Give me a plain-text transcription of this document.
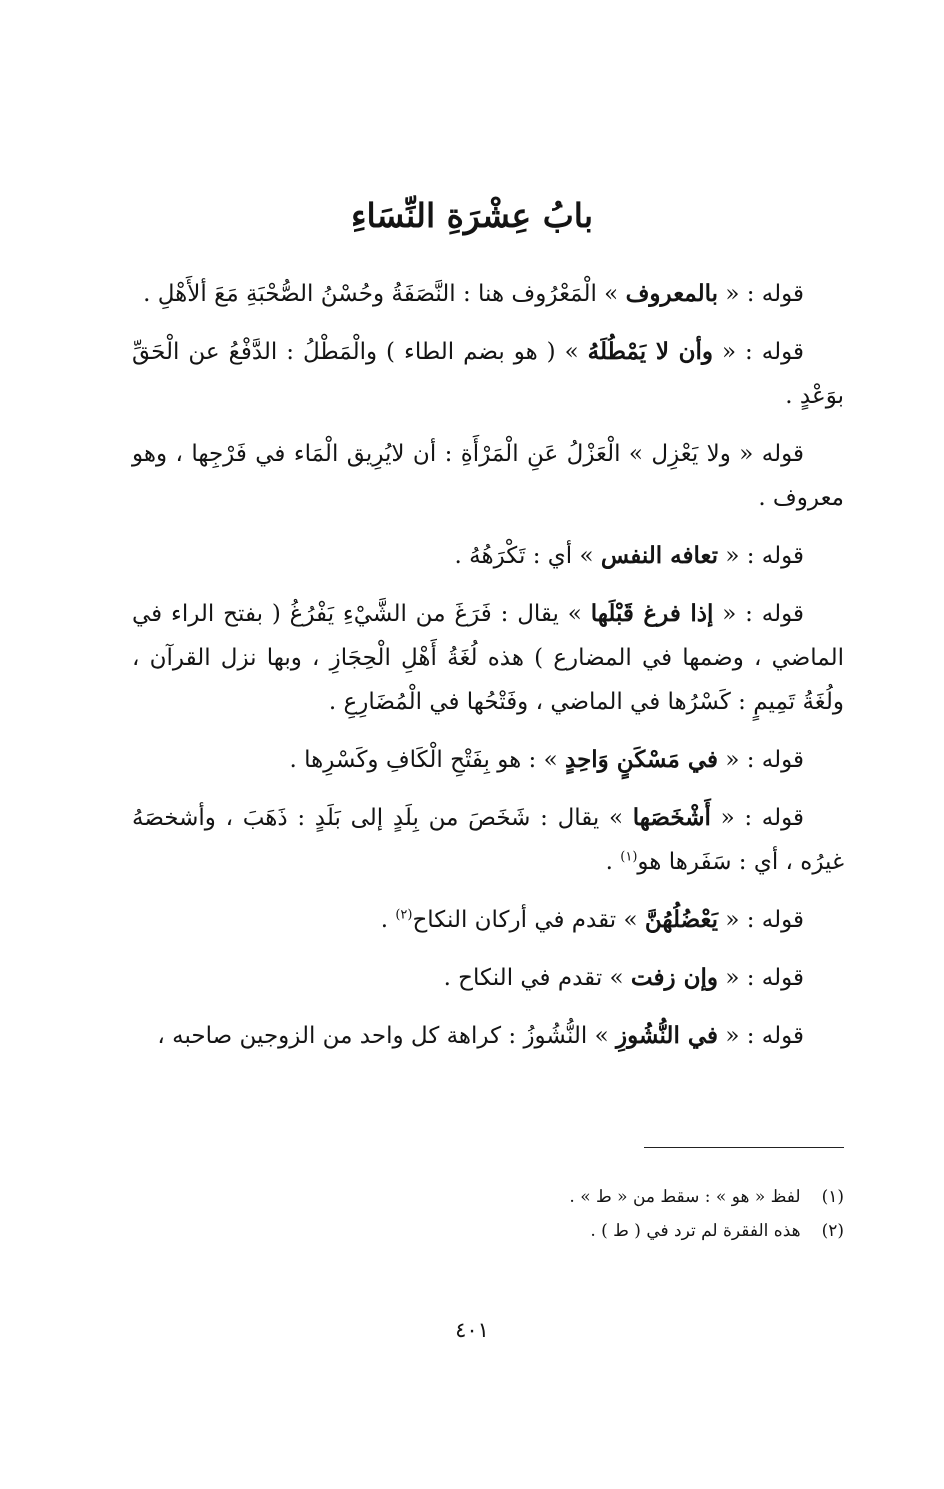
بابُ عِشْرَةِ النِّسَاءِ

قوله : « بالمعروف » الْمَعْرُوف هنا : النَّصَفَةُ وحُسْنُ الصُّحْبَةِ مَعَ ألأَهْلِ .

قوله : « وأن لا يَمْطُلَهُ » ( هو بضم الطاء ) والْمَطْلُ : الدَّفْعُ عن الْحَقِّ بوَعْدٍ .

قوله « ولا يَعْزِل » الْعَزْلُ عَنِ الْمَرْأَةِ : أن لايُرِيق الْمَاء في فَرْجِها ، وهو معروف .

قوله : « تعافه النفس » أي : تَكْرَهُهُ .

قوله : « إذا فرغ قَبْلَها » يقال : فَرَغَ من الشَّيْءِ يَفْرُغُ ( بفتح الراء في الماضي ، وضمها في المضارع ) هذه لُغَةُ أَهْلِ الْحِجَازِ ، وبها نزل القرآن ، ولُغَةُ تَمِيمٍ : كَسْرُها في الماضي ، وفَتْحُها في الْمُضَارِعِ .

قوله : « في مَسْكَنٍ وَاحِدٍ » : هو بِفَتْحِ الْكَافِ وكَسْرِها .

قوله : « أَشْخَصَها » يقال : شَخَصَ من بِلَدٍ إلى بَلَدٍ : ذَهَبَ ، وأشخصَهُ غيرُه ، أي : سَفَرها هو$^{(١)}$ .

قوله : « يَعْضُلُهُنَّ » تقدم في أركان النكاح$^{(٢)}$ .

قوله : « وإن زفت » تقدم في النكاح .

قوله : « في النُّشُوزِ » النُّشُوزُ : كراهة كل واحد من الزوجين صاحبه ،

(١) لفظ « هو » : سقط من « ط » .

(٢) هذه الفقرة لم ترد في ( ط ) .

٤٠١
